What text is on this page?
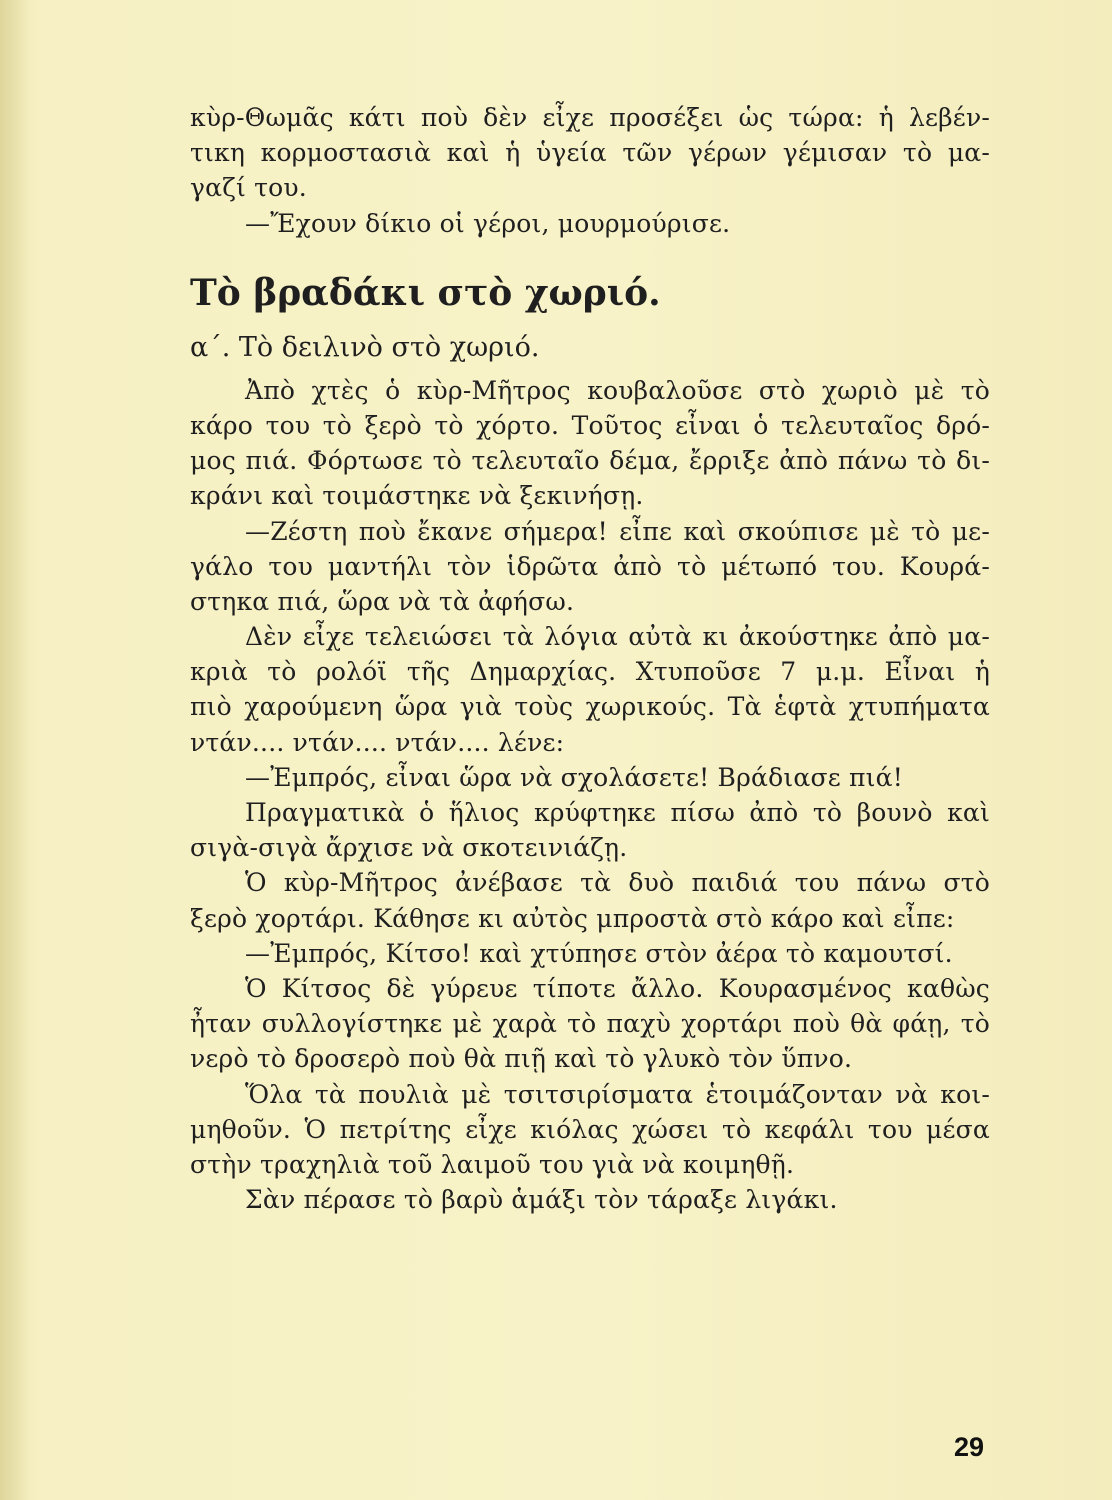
κὺρ-Θωμᾶς κάτι ποὺ δὲν εἶχε προσέξει ὡς τώρα: ἡ λεβέν-
τικη κορμοστασιὰ καὶ ἡ ὑγεία τῶν γέρων γέμισαν τὸ μα-
γαζί του.
—Ἔχουν δίκιο οἱ γέροι, μουρμούρισε.
Τὸ βραδάκι στὸ χωριό.
α΄. Τὸ δειλινὸ στὸ χωριό.
Ἀπὸ χτὲς ὁ κὺρ-Μῆτρος κουβαλοῦσε στὸ χωριὸ μὲ τὸ
κάρο του τὸ ξερὸ τὸ χόρτο. Τοῦτος εἶναι ὁ τελευταῖος δρό-
μος πιά. Φόρτωσε τὸ τελευταῖο δέμα, ἔρριξε ἀπὸ πάνω τὸ δι-
κράνι καὶ τοιμάστηκε νὰ ξεκινήσῃ.
—Ζέστη ποὺ ἔκανε σήμερα! εἶπε καὶ σκούπισε μὲ τὸ με-
γάλο του μαντήλι τὸν ἱδρῶτα ἀπὸ τὸ μέτωπό του. Κουρά-
στηκα πιά, ὥρα νὰ τὰ ἀφήσω.
Δὲν εἶχε τελειώσει τὰ λόγια αὐτὰ κι ἀκούστηκε ἀπὸ μα-
κριὰ τὸ ρολόϊ τῆς Δημαρχίας. Χτυποῦσε 7 μ.μ. Εἶναι ἡ
πιὸ χαρούμενη ὥρα γιὰ τοὺς χωρικούς. Τὰ ἑφτὰ χτυπήματα
ντάν.... ντάν.... ντάν.... λένε:
—Ἐμπρός, εἶναι ὥρα νὰ σχολάσετε! Βράδιασε πιά!
Πραγματικὰ ὁ ἥλιος κρύφτηκε πίσω ἀπὸ τὸ βουνὸ καὶ
σιγὰ-σιγὰ ἄρχισε νὰ σκοτεινιάζῃ.
Ὁ κὺρ-Μῆτρος ἀνέβασε τὰ δυὸ παιδιά του πάνω στὸ
ξερὸ χορτάρι. Κάθησε κι αὐτὸς μπροστὰ στὸ κάρο καὶ εἶπε:
—Ἐμπρός, Κίτσο! καὶ χτύπησε στὸν ἀέρα τὸ καμουτσί.
Ὁ Κίτσος δὲ γύρευε τίποτε ἄλλο. Κουρασμένος καθὼς
ἦταν συλλογίστηκε μὲ χαρὰ τὸ παχὺ χορτάρι ποὺ θὰ φάῃ, τὸ
νερὸ τὸ δροσερὸ ποὺ θὰ πιῇ καὶ τὸ γλυκὸ τὸν ὕπνο.
Ὅλα τὰ πουλιὰ μὲ τσιτσιρίσματα ἑτοιμάζονταν νὰ κοι-
μηθοῦν. Ὁ πετρίτης εἶχε κιόλας χώσει τὸ κεφάλι του μέσα
στὴν τραχηλιὰ τοῦ λαιμοῦ του γιὰ νὰ κοιμηθῇ.
Σὰν πέρασε τὸ βαρὺ ἁμάξι τὸν τάραξε λιγάκι.
29
